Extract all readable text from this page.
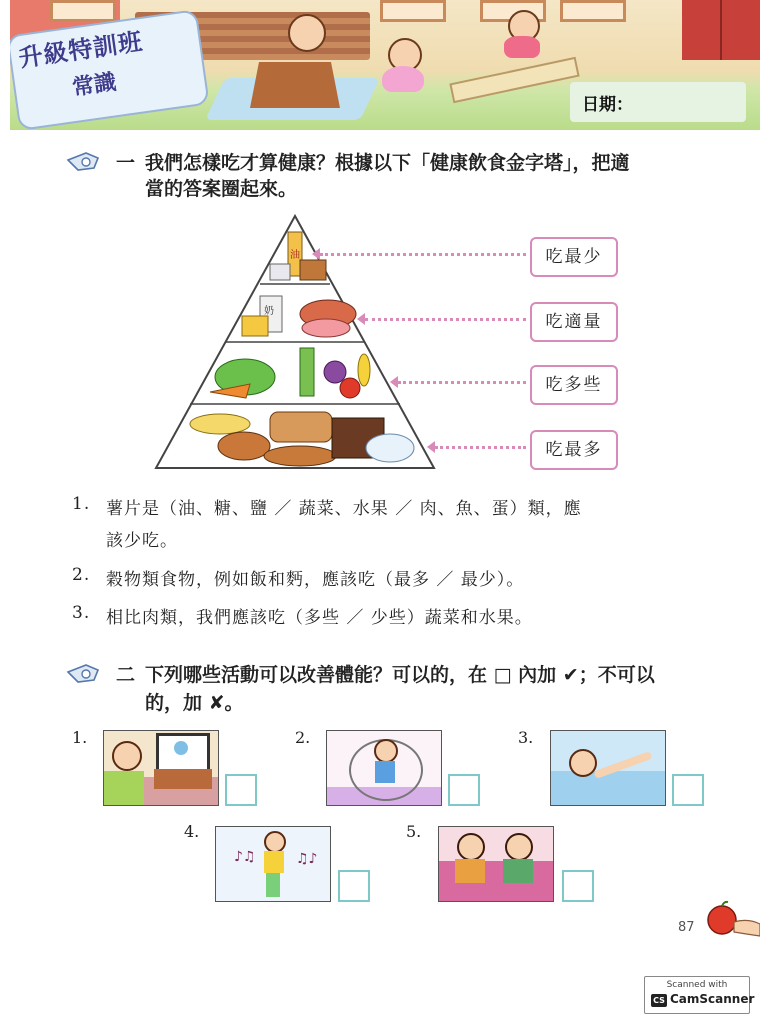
升級特訓班
常識
日期：
一 我們怎樣吃才算健康？根據以下「健康飲食金字塔」，把適
當的答案圈起來。
油
奶
吃最少
吃適量
吃多些
吃最多
1. 薯片是（油、糖、鹽 ／ 蔬菜、水果 ／ 肉、魚、蛋）類，應
該少吃。
2. 穀物類食物，例如飯和麪，應該吃（最多 ／ 最少）。
3. 相比肉類，我們應該吃（多些 ／ 少些）蔬菜和水果。
二 下列哪些活動可以改善體能？可以的，在 □ 內加 ✔；不可以
的，加 ✘。
1.	2.	3.
4.
♪♫	♫♪
5.
87
Scanned with
CS CamScanner
